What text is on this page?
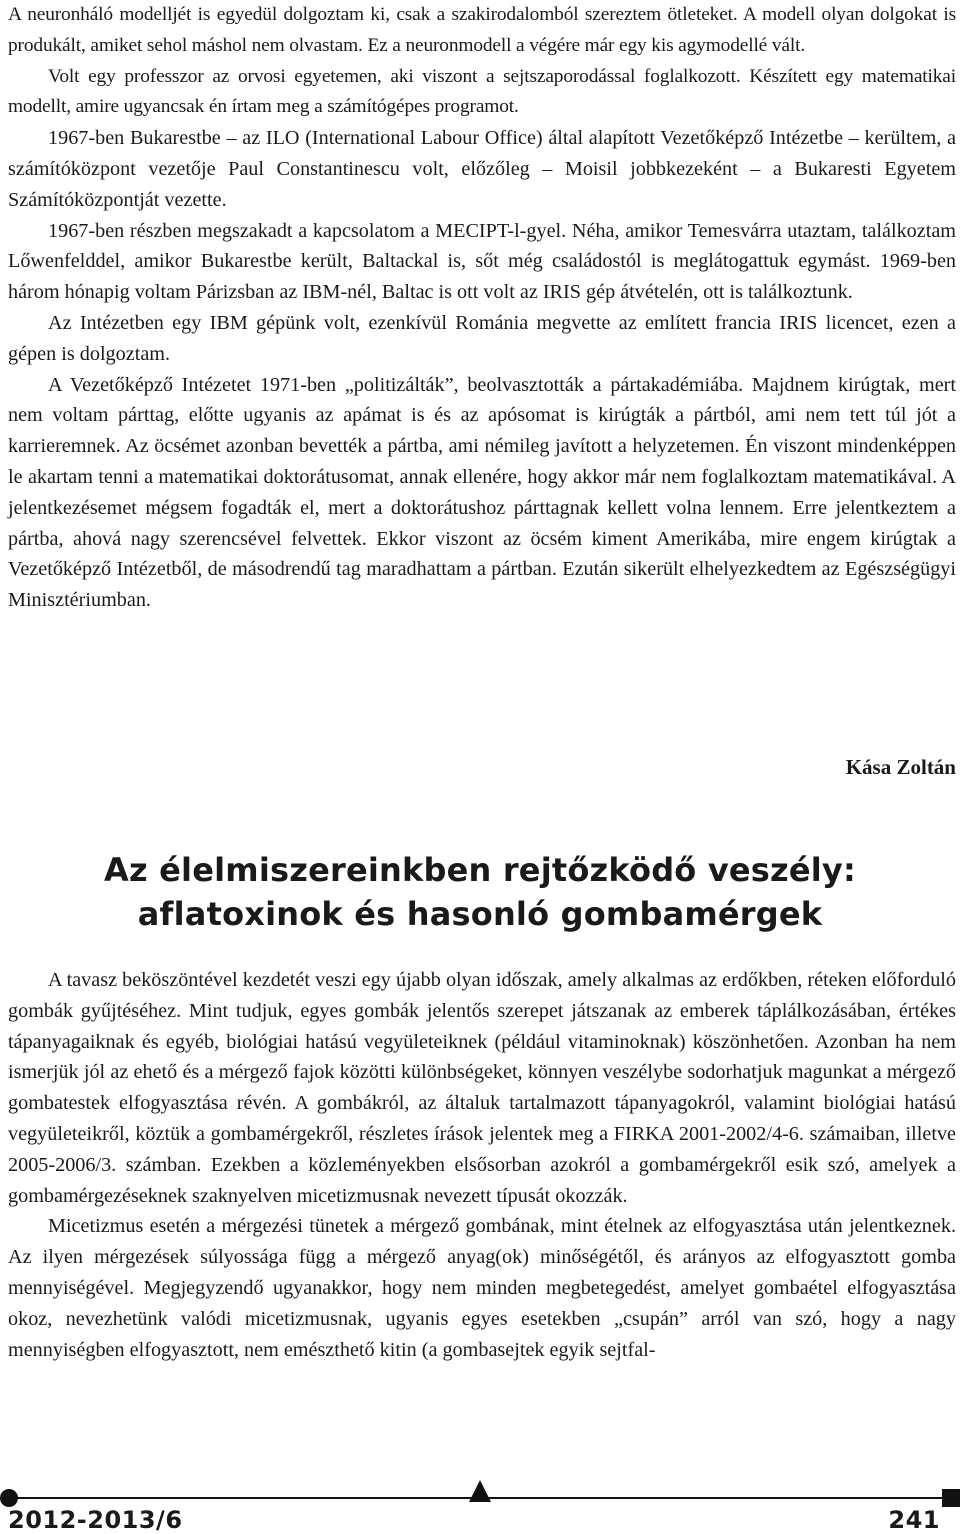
A neuronháló modelljét is egyedül dolgoztam ki, csak a szakirodalomból szereztem ötleteket. A modell olyan dolgokat is produkált, amiket sehol máshol nem olvastam. Ez a neuronmodell a végére már egy kis agymodellé vált.

Volt egy professzor az orvosi egyetemen, aki viszont a sejtszaporodással foglalkozott. Készített egy matematikai modellt, amire ugyancsak én írtam meg a számítógépes programot.

1967-ben Bukarestbe – az ILO (International Labour Office) által alapított Vezetőképző Intézetbe – kerültem, a számítóközpont vezetője Paul Constantinescu volt, előzőleg – Moisil jobbkezeként – a Bukaresti Egyetem Számítóközpontját vezette.

1967-ben részben megszakadt a kapcsolatom a MECIPT-l-gyel. Néha, amikor Temesvárra utaztam, találkoztam Lőwenfelddel, amikor Bukarestbe került, Baltackal is, sőt még családostól is meglátogattuk egymást. 1969-ben három hónapig voltam Párizsban az IBM-nél, Baltac is ott volt az IRIS gép átvételén, ott is találkoztunk.

Az Intézetben egy IBM gépünk volt, ezenkívül Románia megvette az említett francia IRIS licencet, ezen a gépen is dolgoztam.

A Vezetőképző Intézetet 1971-ben „politizálták”, beolvasztották a pártakadémiába. Majdnem kirúgtak, mert nem voltam párttag, előtte ugyanis az apámat is és az apósomat is kirúgták a pártból, ami nem tett túl jót a karrieremnek. Az öcsémet azonban bevették a pártba, ami némileg javított a helyzetemen. Én viszont mindenképpen le akartam tenni a matematikai doktorátusomat, annak ellenére, hogy akkor már nem foglalkoztam matematikával. A jelentkezésemet mégsem fogadták el, mert a doktorátushoz párttagnak kellett volna lennem. Erre jelentkeztem a pártba, ahová nagy szerencsével felvettek. Ekkor viszont az öcsém kiment Amerikába, mire engem kirúgtak a Vezetőképző Intézetből, de másodrendű tag maradhattam a pártban. Ezután sikerült elhelyezkedtem az Egészségügyi Minisztériumban.

Kása Zoltán
Az élelmiszereinkben rejtőzködő veszély:
aflatoxinok és hasonló gombamérgek

A tavasz beköszöntével kezdetét veszi egy újabb olyan időszak, amely alkalmas az erdőkben, réteken előforduló gombák gyűjtéséhez. Mint tudjuk, egyes gombák jelentős szerepet játszanak az emberek táplálkozásában, értékes tápanyagaiknak és egyéb, biológiai hatású vegyületeiknek (például vitaminoknak) köszönhetően. Azonban ha nem ismerjük jól az ehető és a mérgező fajok közötti különbségeket, könnyen veszélybe sodorhatjuk magunkat a mérgező gombatestek elfogyasztása révén. A gombákról, az általuk tartalmazott tápanyagokról, valamint biológiai hatású vegyületeikről, köztük a gombamérgekről, részletes írások jelentek meg a FIRKA 2001-2002/4-6. számaiban, illetve 2005-2006/3. számban. Ezekben a közleményekben elsősorban azokról a gombamérgekről esik szó, amelyek a gombamérgezéseknek szaknyelven micetizmusnak nevezett típusát okozzák.

Micetizmus esetén a mérgezési tünetek a mérgező gombának, mint ételnek az elfogyasztása után jelentkeznek. Az ilyen mérgezések súlyossága függ a mérgező anyag(ok) minőségétől, és arányos az elfogyasztott gomba mennyiségével. Megjegyzendő ugyanakkor, hogy nem minden megbetegedést, amelyet gombaétel elfogyasztása okoz, nevezhetünk valódi micetizmusnak, ugyanis egyes esetekben „csupán” arról van szó, hogy a nagy mennyiségben elfogyasztott, nem emészthető kitin (a gombasejtek egyik sejtfal-

2012-2013/6	241
